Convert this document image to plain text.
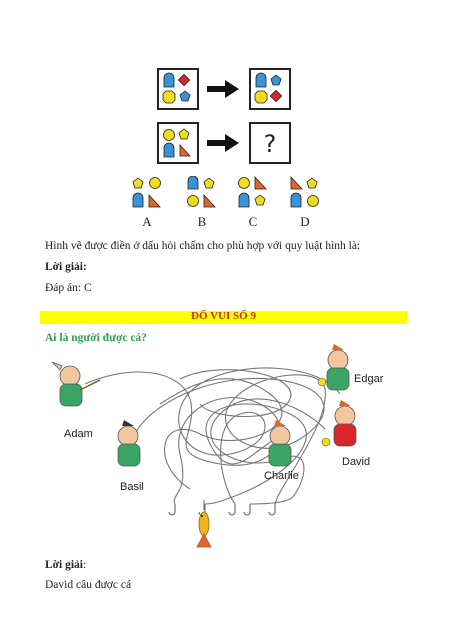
?
A	B	C	D
Hình vẽ được điền ở dấu hỏi chấm cho phù hợp với quy luật hình là:
Lời giải:
Đáp án: C
ĐỐ VUI SỐ 9
Ai là người được cá?
Adam
Basil
Charlie
David
Edgar
Lời giải:
David câu được cá
